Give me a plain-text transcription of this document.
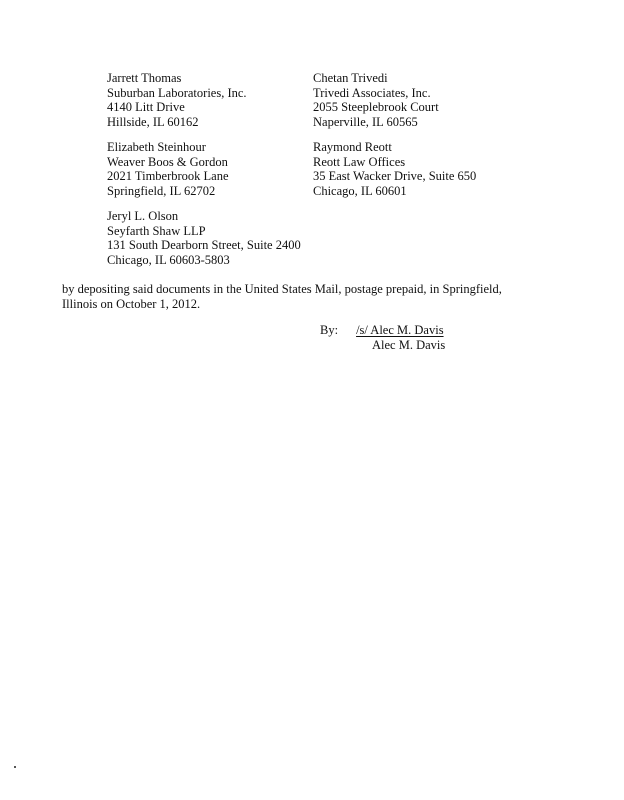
Jarrett Thomas
Suburban Laboratories, Inc.
4140 Litt Drive
Hillside, IL 60162
Chetan Trivedi
Trivedi Associates, Inc.
2055 Steeplebrook Court
Naperville, IL 60565
Elizabeth Steinhour
Weaver Boos & Gordon
2021 Timberbrook Lane
Springfield, IL 62702
Raymond Reott
Reott Law Offices
35 East Wacker Drive, Suite 650
Chicago, IL 60601
Jeryl L. Olson
Seyfarth Shaw LLP
131 South Dearborn Street, Suite 2400
Chicago, IL 60603-5803
by depositing said documents in the United States Mail, postage prepaid, in Springfield, Illinois on October 1, 2012.
By: /s/ Alec M. Davis
Alec M. Davis
